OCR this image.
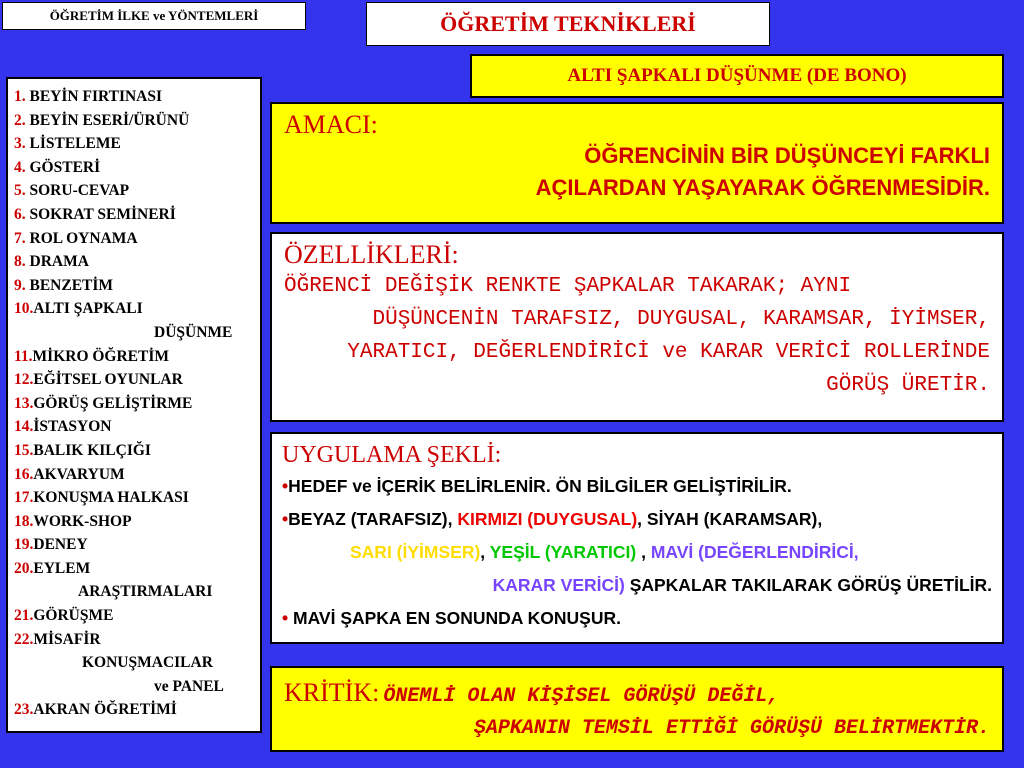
ÖĞRETİM İLKE ve YÖNTEMLERİ	ÖĞRETİM TEKNİKLERİ
ALTI ŞAPKALI DÜŞÜNME (DE BONO)
1. BEYİN FIRTINASI
2. BEYİN ESERİ/ÜRÜNÜ
3. LİSTELEME
4. GÖSTERİ
5. SORU-CEVAP
6. SOKRAT SEMİNERİ
7. ROL OYNAMA
8. DRAMA
9. BENZETİM
10.ALTI ŞAPKALI
DÜŞÜNME
11.MİKRO ÖĞRETİM
12.EĞİTSEL OYUNLAR
13.GÖRÜŞ GELİŞTİRME
14.İSTASYON
15.BALIK KILÇIĞI
16.AKVARYUM
17.KONUŞMA HALKASI
18.WORK-SHOP
19.DENEY
20.EYLEM
ARAŞTIRMALARI
21.GÖRÜŞME
22.MİSAFİR
KONUŞMACILAR
ve PANEL
23.AKRAN ÖĞRETİMİ
AMACI:
ÖĞRENCİNİN BİR DÜŞÜNCEYİ FARKLI
AÇILARDAN YAŞAYARAK ÖĞRENMESİDİR.
ÖZELLİKLERİ:
ÖĞRENCİ DEĞİŞİK RENKTE ŞAPKALAR TAKARAK; AYNI
DÜŞÜNCENİN TARAFSIZ, DUYGUSAL, KARAMSAR, İYİMSER,
YARATICI, DEĞERLENDİRİCİ ve KARAR VERİCİ ROLLERİNDE
GÖRÜŞ ÜRETİR.
UYGULAMA ŞEKLİ:
•HEDEF ve İÇERİK BELİRLENİR. ÖN BİLGİLER GELİŞTİRİLİR.
•BEYAZ (TARAFSIZ), KIRMIZI (DUYGUSAL), SİYAH (KARAMSAR),
SARI (İYİMSER), YEŞİL (YARATICI) , MAVİ (DEĞERLENDİRİCİ,
KARAR VERİCİ) ŞAPKALAR TAKILARAK GÖRÜŞ ÜRETİLİR.
• MAVİ ŞAPKA EN SONUNDA KONUŞUR.
KRİTİK: ÖNEMLİ OLAN KİŞİSEL GÖRÜŞÜ DEĞİL,
ŞAPKANIN TEMSİL ETTİĞİ GÖRÜŞÜ BELİRTMEKTİR.
